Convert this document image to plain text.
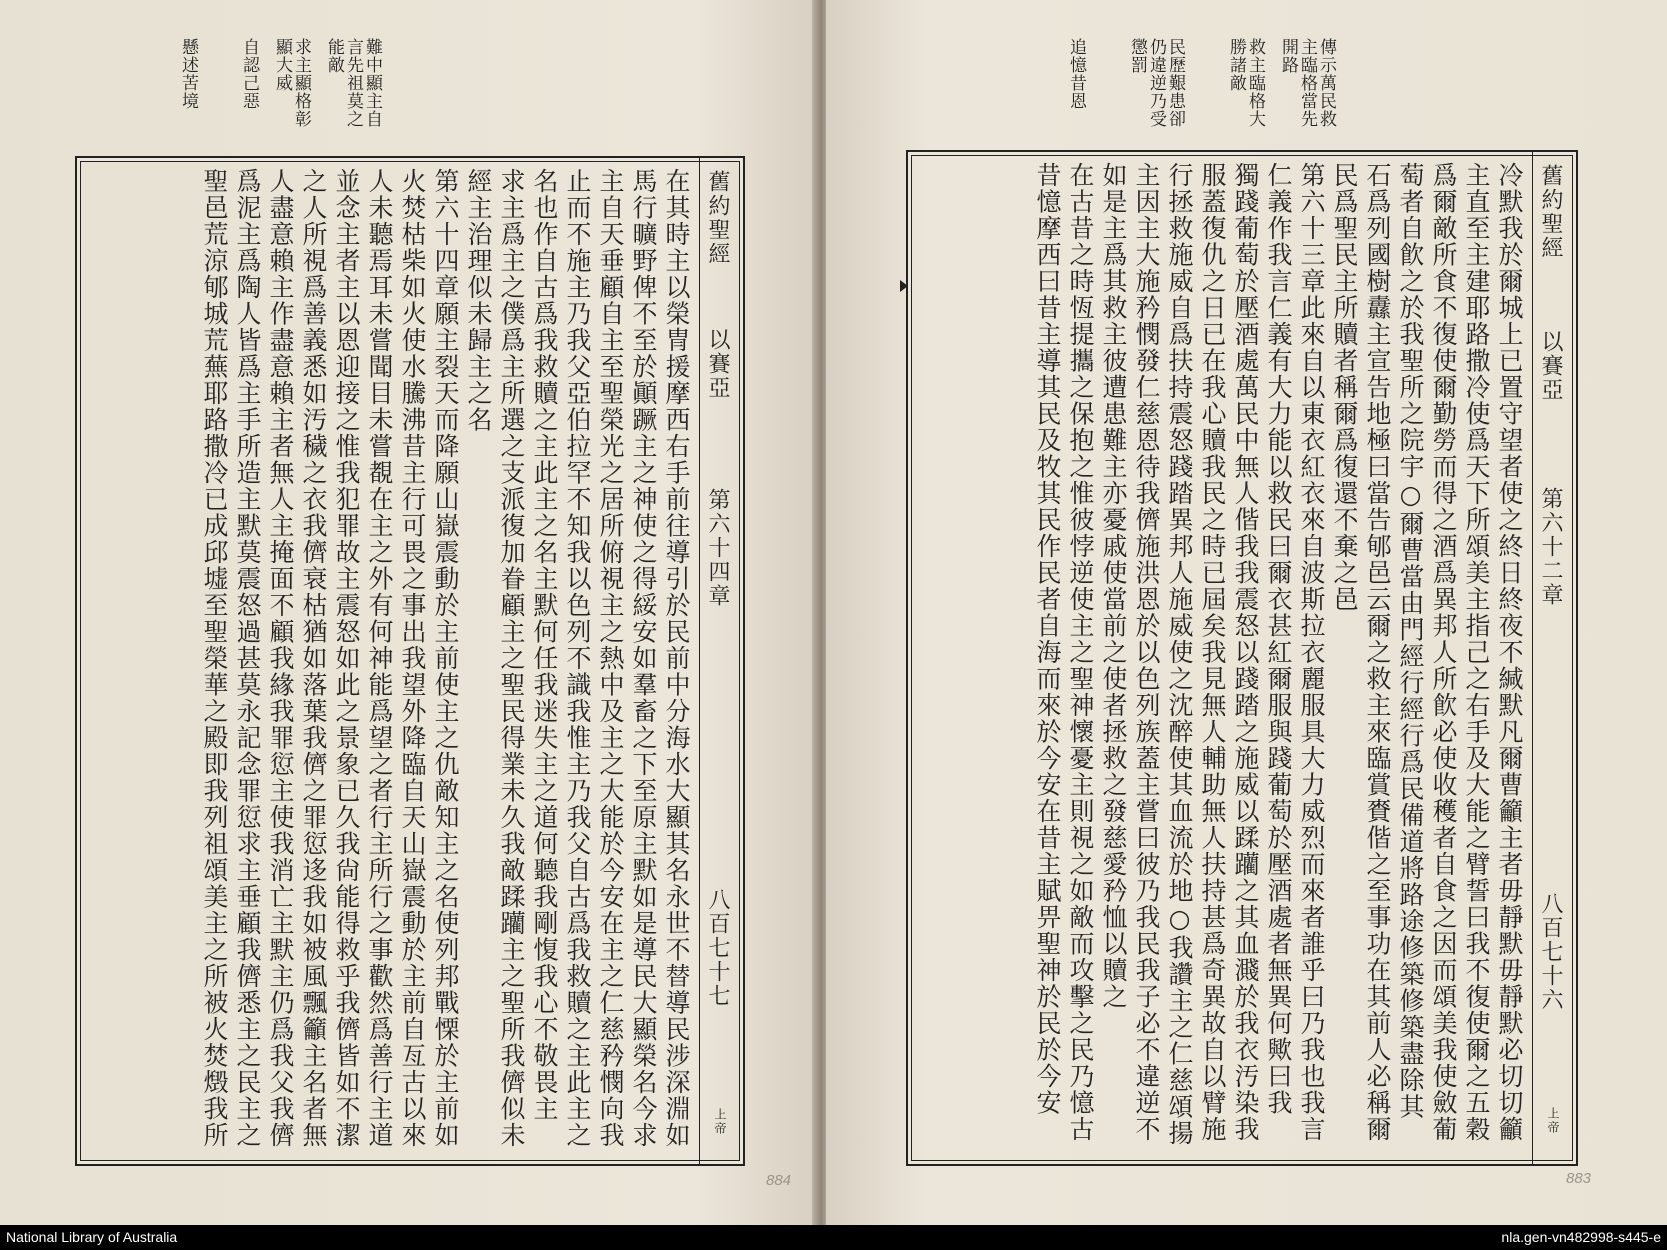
難中顯主自言先祖莫之能敵
求主顯格彰顯大威
自認己惡
懸述苦境
舊約聖經
以賽亞
第六十四章
八百七十七
上帝
在其時主以榮冑援摩西右手前往導引於民前中分海水大顯其名永世不替導民涉深淵如
馬行曠野俾不至於顚蹶主之神使之得綏安如羣畜之下至原主默如是導民大顯榮名今求
主自天垂顧自主至聖榮光之居所俯視主之熱中及主之大能於今安在主之仁慈矜憫向我
止而不施主乃我父亞伯拉罕不知我以色列不識我惟主乃我父自古爲我救贖之主此主之
名也作自古爲我救贖之主此主之名主默何任我迷失主之道何聽我剛愎我心不敬畏主
求主爲主之僕爲主所選之支派復加眷顧主之聖民得業未久我敵蹂躪主之聖所我儕似未
經主治理似未歸主之名
第六十四章願主裂天而降願山嶽震動於主前使主之仇敵知主之名使列邦戰慄於主前如
火焚枯柴如火使水騰沸昔主行可畏之事出我望外降臨自天山嶽震動於主前自亙古以來
人未聽焉耳未嘗聞目未嘗覩在主之外有何神能爲望之者行主所行之事歡然爲善行主道
並念主者主以恩迎接之惟我犯罪故主震怒如此之景象已久我尙能得救乎我儕皆如不潔
之人所視爲善義悉如汚穢之衣我儕衰枯猶如落葉我儕之罪愆迻我如被風飄籲主名者無
人盡意賴主作盡意賴主者無人主掩面不顧我緣我罪愆主使我消亡主默主仍爲我父我儕
爲泥主爲陶人皆爲主手所造主默莫震怒過甚莫永記念罪愆求主垂顧我儕悉主之民主之
聖邑荒涼郇城荒蕪耶路撒冷已成邱墟至聖榮華之殿即我列祖頌美主之所被火焚燬我所
884
傳示萬民救主臨格當先開路
救主臨格大勝諸敵
民歷艱患卻仍違逆乃受懲罰
追憶昔恩
舊約聖經
以賽亞
第六十二章
八百七十六
上帝
冷默我於爾城上已置守望者使之終日終夜不緘默凡爾曹籲主者毋靜默毋靜默必切切籲
主直至主建耶路撒冷使爲天下所頌美主指己之右手及大能之臂誓曰我不復使爾之五穀
爲爾敵所食不復使爾勤勞而得之酒爲異邦人所飮必使收穫者自食之因而頌美我使斂葡
萄者自飮之於我聖所之院宇○爾曹當由門經行經行爲民備道將路途修築修築盡除其
石爲列國樹纛主宣告地極曰當告郇邑云爾之救主來臨賞賚偕之至事功在其前人必稱爾
民爲聖民主所贖者稱爾爲復還不棄之邑
第六十三章此來自以東衣紅衣來自波斯拉衣麗服具大力威烈而來者誰乎曰乃我也我言
仁義作我言仁義有大力能以救民曰爾衣甚紅爾服與踐葡萄於壓酒處者無異何歟曰我
獨踐葡萄於壓酒處萬民中無人偕我我震怒以踐踏之施威以蹂躪之其血濺於我衣汚染我
服蓋復仇之日已在我心贖我民之時已屆矣我見無人輔助無人扶持甚爲奇異故自以臂施
行拯救施威自爲扶持震怒踐踏異邦人施威使之沈醉使其血流於地○我讚主之仁慈頌揚
主因主大施矜憫發仁慈恩待我儕施洪恩於以色列族蓋主嘗曰彼乃我民我子必不違逆不
如是主爲其救主彼遭患難主亦憂戚使當前之使者拯救之發慈愛矜恤以贖之
在古昔之時恆提攜之保抱之惟彼悖逆使主之聖神懷憂主則視之如敵而攻擊之民乃憶古
昔憶摩西曰昔主導其民及牧其民作民者自海而來於今安在昔主賦畀聖神於民於今安
883
National Library of Australia	nla.gen-vn482998-s445-e
